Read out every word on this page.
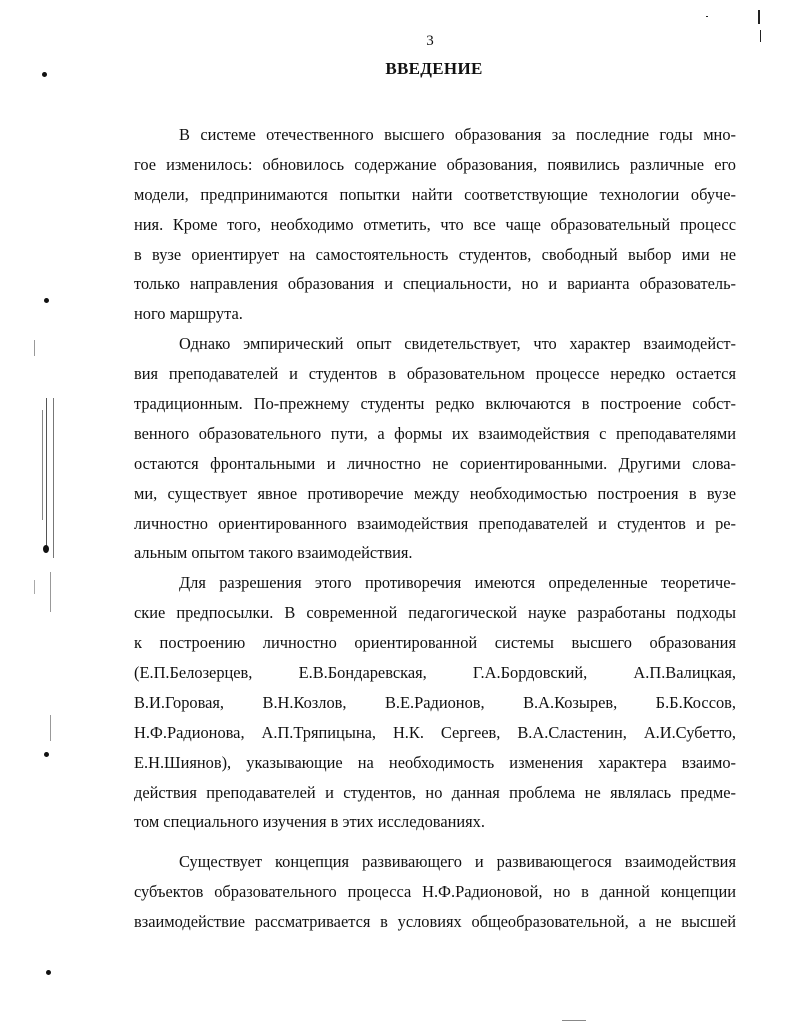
3
ВВЕДЕНИЕ
В системе отечественного высшего образования за последние годы мно-
гое изменилось: обновилось содержание образования, появились различные его
модели, предпринимаются попытки найти соответствующие технологии обуче-
ния. Кроме того, необходимо отметить, что все чаще образовательный процесс
в вузе ориентирует на самостоятельность студентов, свободный выбор ими не
только направления образования и специальности, но и варианта образователь-
ного маршрута.
Однако эмпирический опыт свидетельствует, что характер взаимодейст-
вия преподавателей и студентов в образовательном процессе нередко остается
традиционным. По-прежнему студенты редко включаются в построение собст-
венного образовательного пути, а формы их взаимодействия с преподавателями
остаются фронтальными и личностно не сориентированными. Другими слова-
ми, существует явное противоречие между необходимостью построения в вузе
личностно ориентированного взаимодействия преподавателей и студентов и ре-
альным опытом такого взаимодействия.
Для разрешения этого противоречия имеются определенные теоретиче-
ские предпосылки. В современной педагогической науке разработаны подходы
к построению личностно ориентированной системы высшего образования
(Е.П.Белозерцев, Е.В.Бондаревская, Г.А.Бордовский, А.П.Валицкая,
В.И.Горовая, В.Н.Козлов, В.Е.Радионов, В.А.Козырев, Б.Б.Коссов,
Н.Ф.Радионова, А.П.Тряпицына, Н.К. Сергеев, В.А.Сластенин, А.И.Субетто,
Е.Н.Шиянов), указывающие на необходимость изменения характера взаимо-
действия преподавателей и студентов, но данная проблема не являлась предме-
том специального изучения в этих исследованиях.
Существует концепция развивающего и развивающегося взаимодействия
субъектов образовательного процесса Н.Ф.Радионовой, но в данной концепции
взаимодействие рассматривается в условиях общеобразовательной, а не высшей
